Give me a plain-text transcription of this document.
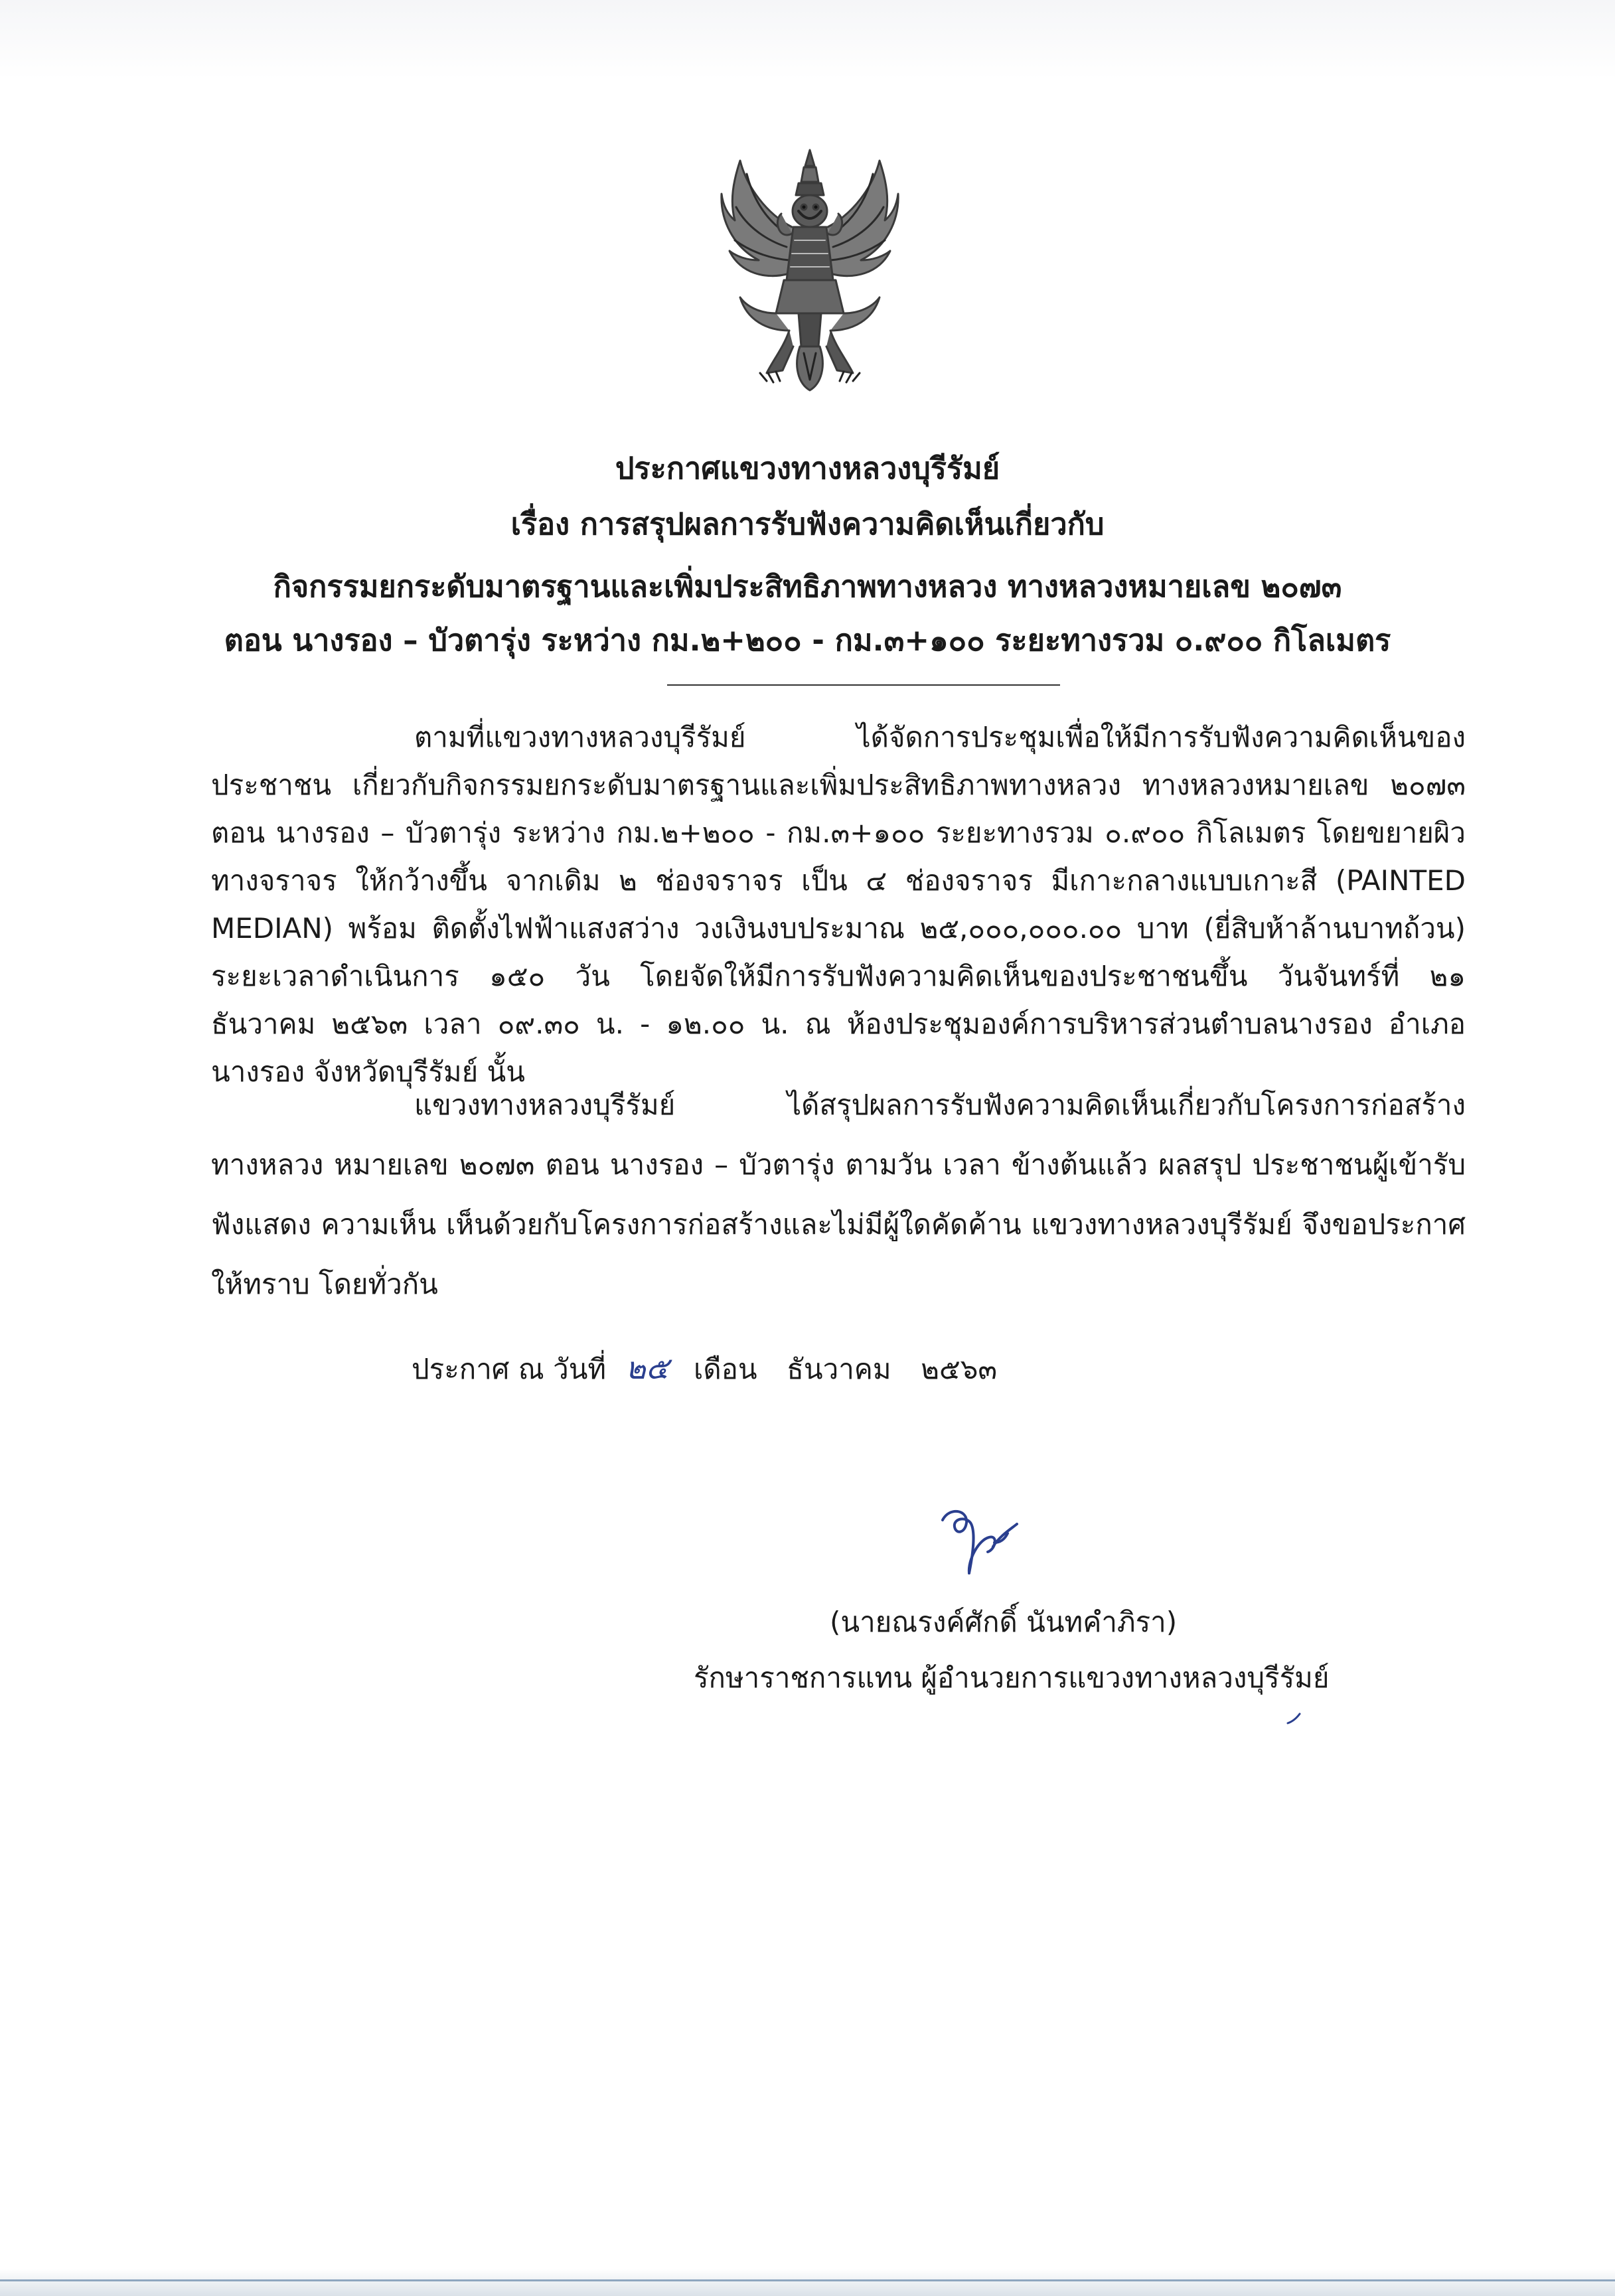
ประกาศแขวงทางหลวงบุรีรัมย์
เรื่อง การสรุปผลการรับฟังความคิดเห็นเกี่ยวกับ
กิจกรรมยกระดับมาตรฐานและเพิ่มประสิทธิภาพทางหลวง ทางหลวงหมายเลข ๒๐๗๓
ตอน นางรอง – บัวตารุ่ง ระหว่าง กม.๒+๒๐๐ - กม.๓+๑๐๐ ระยะทางรวม ๐.๙๐๐ กิโลเมตร

ตามที่แขวงทางหลวงบุรีรัมย์ ได้จัดการประชุมเพื่อให้มีการรับฟังความคิดเห็นของประชาชน เกี่ยวกับกิจกรรมยกระดับมาตรฐานและเพิ่มประสิทธิภาพทางหลวง ทางหลวงหมายเลข ๒๐๗๓ ตอน นางรอง – บัวตารุ่ง ระหว่าง กม.๒+๒๐๐ - กม.๓+๑๐๐ ระยะทางรวม ๐.๙๐๐ กิโลเมตร โดยขยายผิวทางจราจร ให้กว้างขึ้น จากเดิม ๒ ช่องจราจร เป็น ๔ ช่องจราจร มีเกาะกลางแบบเกาะสี (PAINTED MEDIAN) พร้อม ติดตั้งไฟฟ้าแสงสว่าง วงเงินงบประมาณ ๒๕,๐๐๐,๐๐๐.๐๐ บาท (ยี่สิบห้าล้านบาทถ้วน) ระยะเวลาดำเนินการ ๑๕๐ วัน โดยจัดให้มีการรับฟังความคิดเห็นของประชาชนขึ้น วันจันทร์ที่ ๒๑ ธันวาคม ๒๕๖๓ เวลา ๐๙.๓๐ น. - ๑๒.๐๐ น. ณ ห้องประชุมองค์การบริหารส่วนตำบลนางรอง อำเภอนางรอง จังหวัดบุรีรัมย์ นั้น

แขวงทางหลวงบุรีรัมย์ ได้สรุปผลการรับฟังความคิดเห็นเกี่ยวกับโครงการก่อสร้างทางหลวง หมายเลข ๒๐๗๓ ตอน นางรอง – บัวตารุ่ง ตามวัน เวลา ข้างต้นแล้ว ผลสรุป ประชาชนผู้เข้ารับฟังแสดง ความเห็น เห็นด้วยกับโครงการก่อสร้างและไม่มีผู้ใดคัดค้าน แขวงทางหลวงบุรีรัมย์ จึงขอประกาศให้ทราบ โดยทั่วกัน

ประกาศ ณ วันที่ ๒๕ เดือน ธันวาคม ๒๕๖๓
(นายณรงค์ศักดิ์ นันทคำภิรา)
รักษาราชการแทน ผู้อำนวยการแขวงทางหลวงบุรีรัมย์
